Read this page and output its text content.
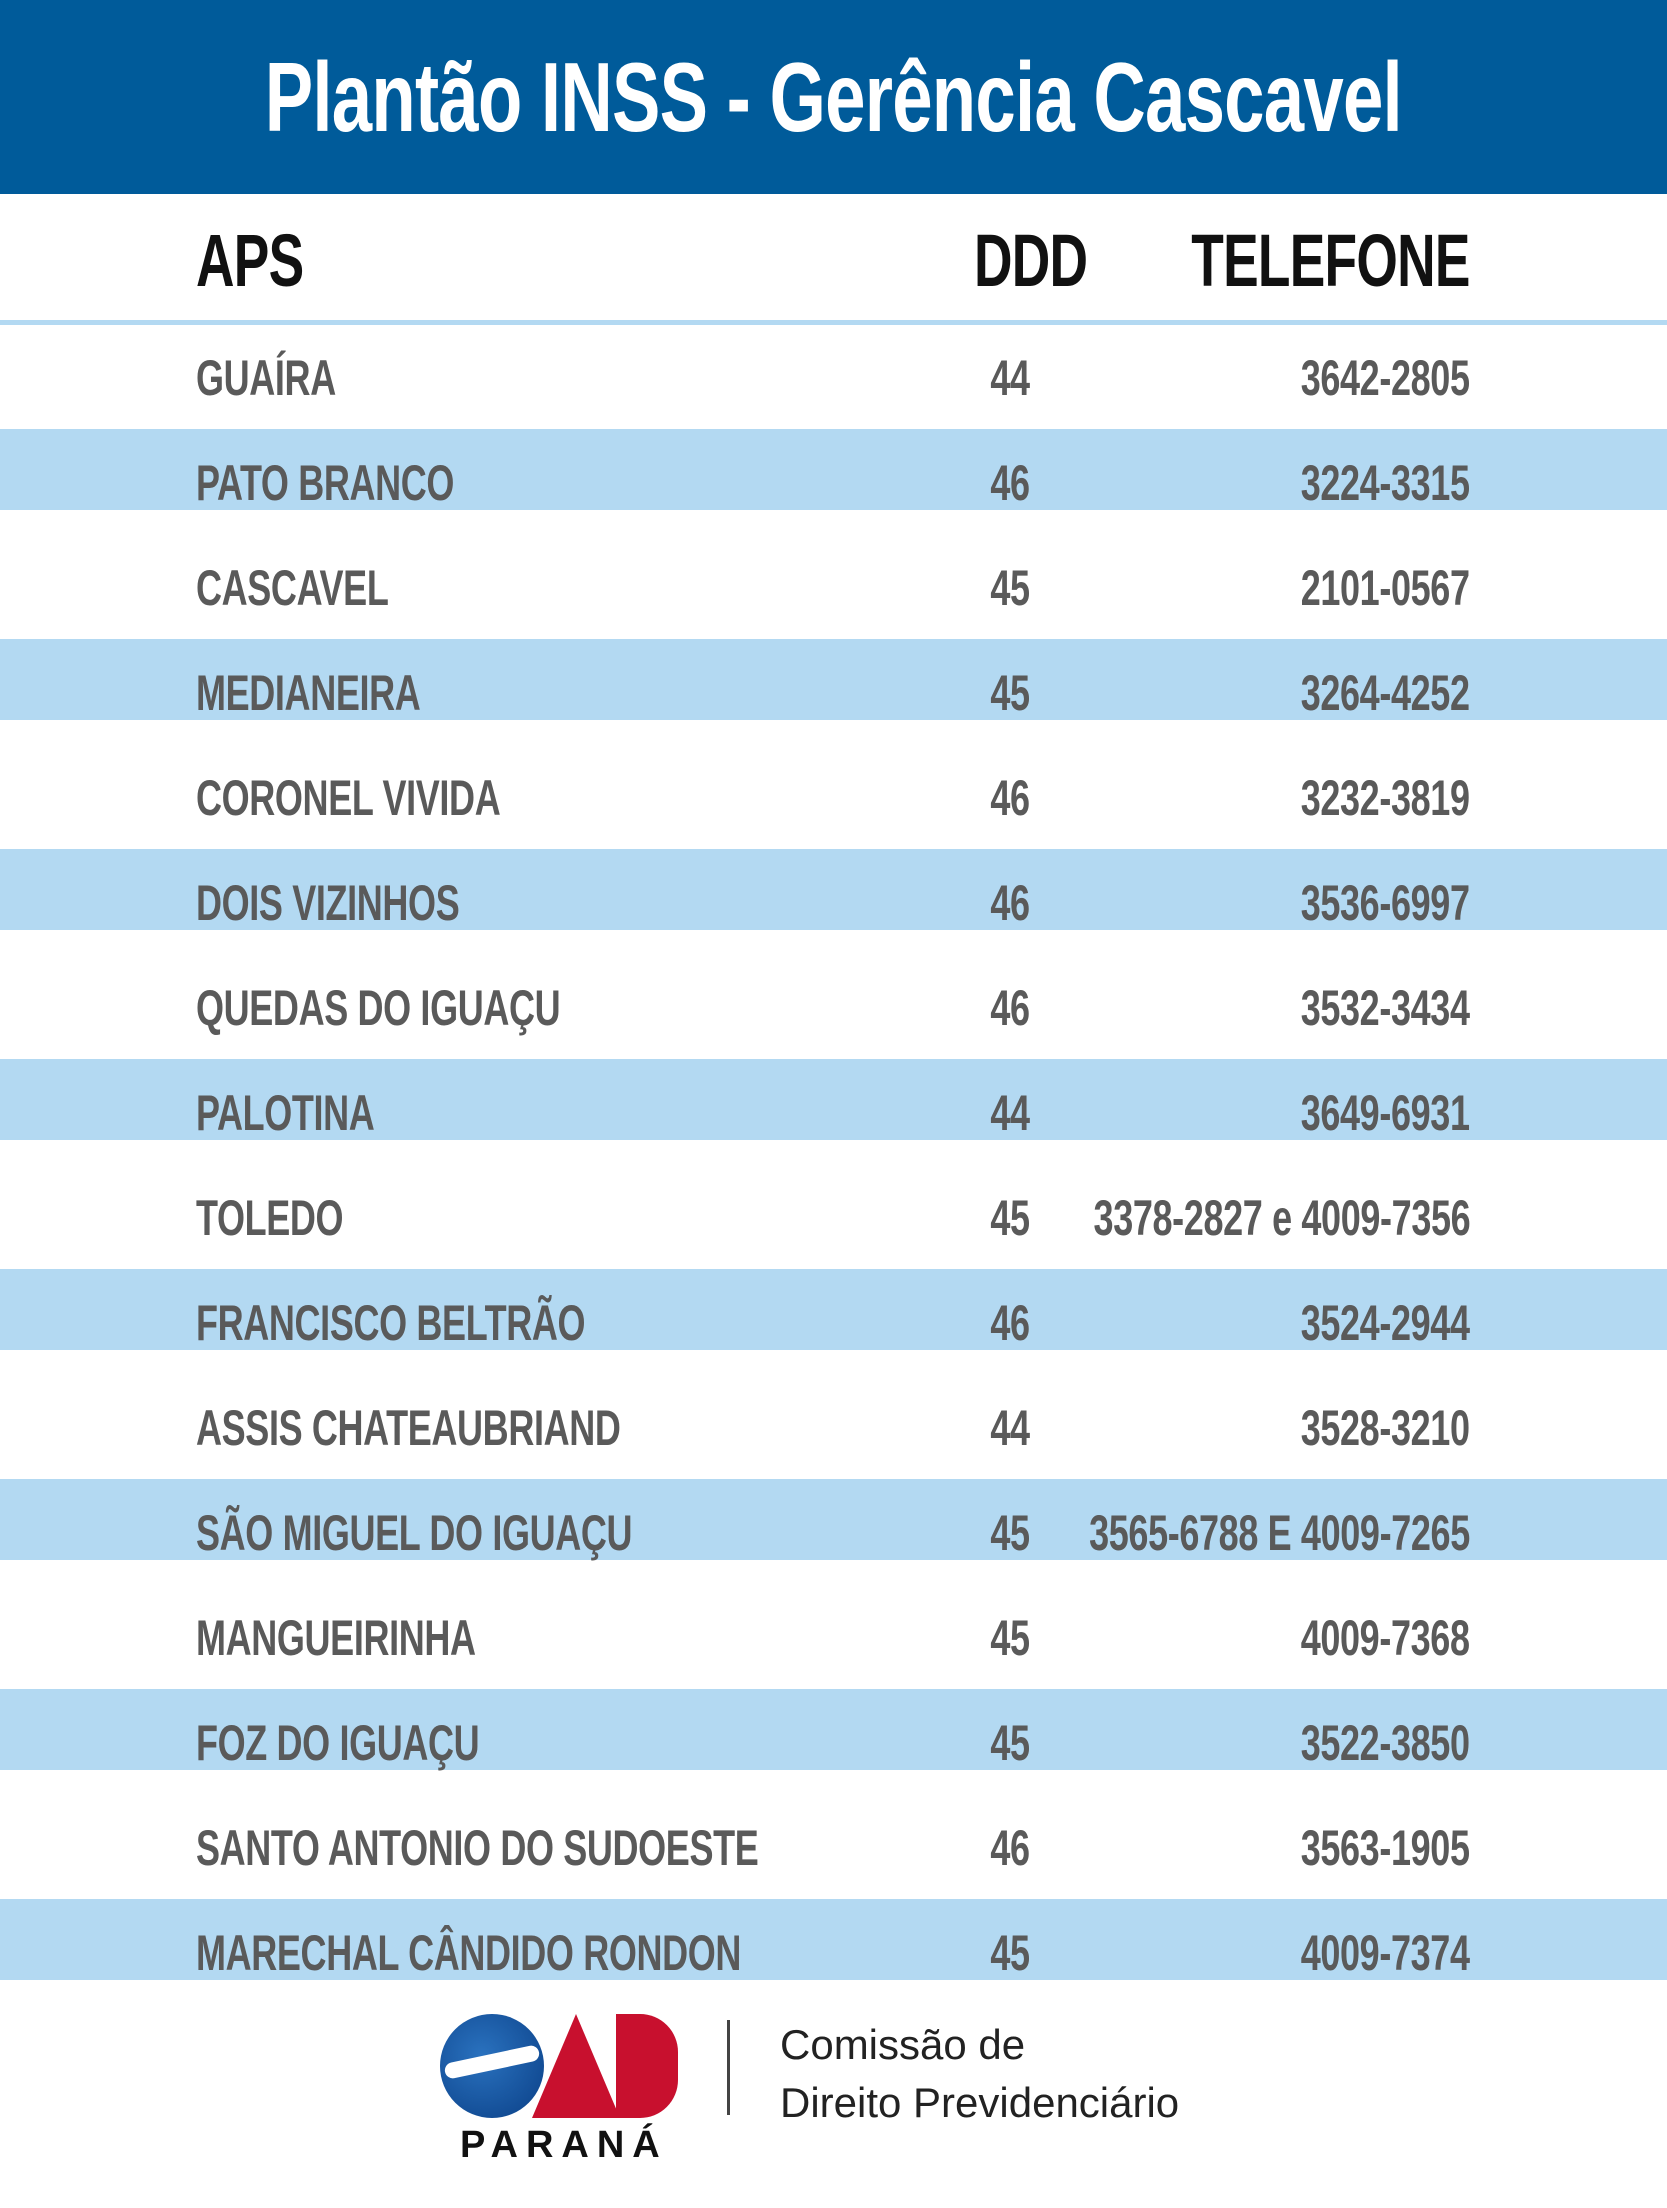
Plantão INSS - Gerência Cascavel
APS	DDD TELEFONE
GUAÍRA	44	3642-2805
PATO BRANCO	46	3224-3315
CASCAVEL	45	2101-0567
MEDIANEIRA	45	3264-4252
CORONEL VIVIDA	46	3232-3819
DOIS VIZINHOS	46	3536-6997
QUEDAS DO IGUAÇU	46	3532-3434
PALOTINA	44	3649-6931
TOLEDO	45	3378-2827 e 4009-7356
FRANCISCO BELTRÃO	46	3524-2944
ASSIS CHATEAUBRIAND	44	3528-3210
SÃO MIGUEL DO IGUAÇU	45	3565-6788 E 4009-7265
MANGUEIRINHA	45	4009-7368
FOZ DO IGUAÇU	45	3522-3850
SANTO ANTONIO DO SUDOESTE	46	3563-1905
MARECHAL CÂNDIDO RONDON	45	4009-7374
PARANÁ
Comissão de
Direito Previdenciário
